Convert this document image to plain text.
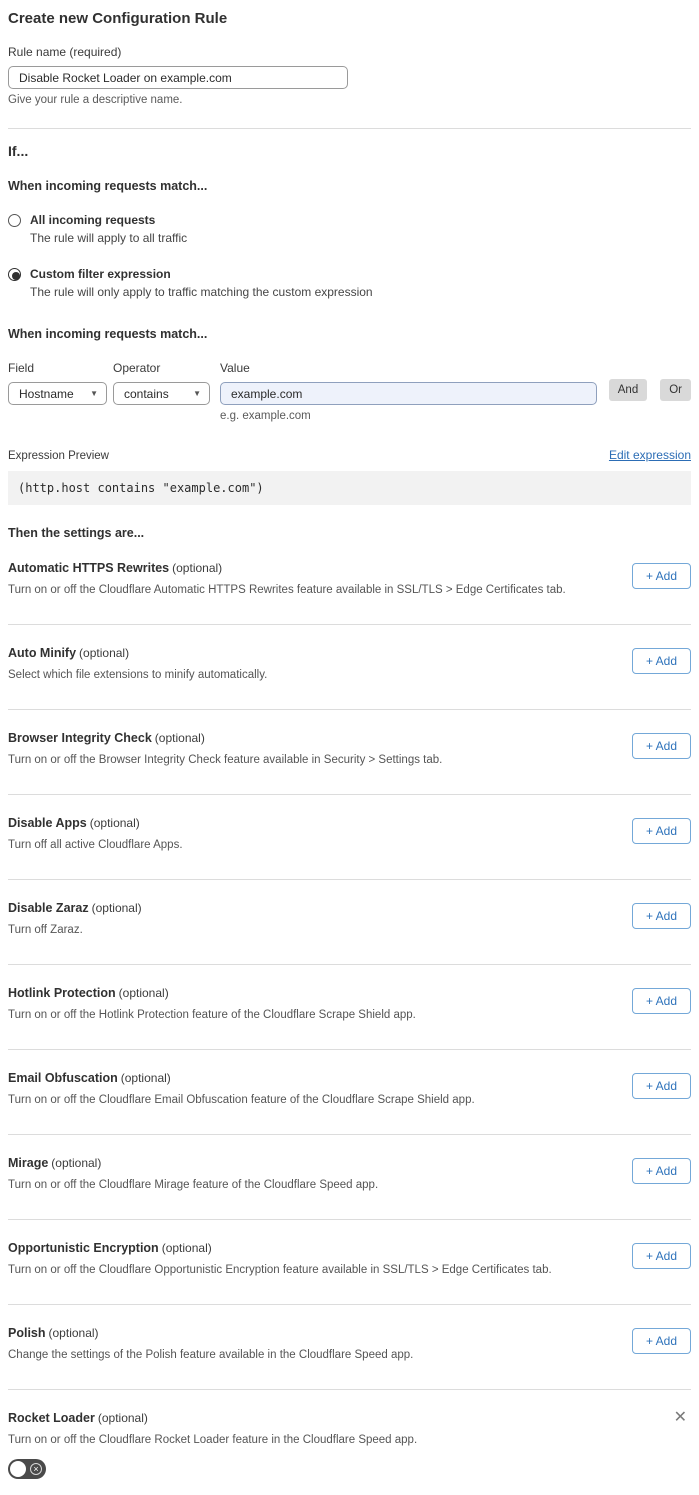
Create new Configuration Rule
Rule name (required)
Disable Rocket Loader on example.com
Give your rule a descriptive name.
If...
When incoming requests match...
All incoming requests
The rule will apply to all traffic
Custom filter expression
The rule will only apply to traffic matching the custom expression
When incoming requests match...
Field
Hostname ▼
Operator
contains	▼
Value
example.com
e.g. example.com
And	Or
Expression Preview	Edit expression
(http.host contains "example.com")
Then the settings are...
Automatic HTTPS Rewrites (optional)
Turn on or off the Cloudflare Automatic HTTPS Rewrites feature available in SSL/TLS > Edge Certificates tab.
+ Add
Auto Minify (optional)
Select which file extensions to minify automatically.
+ Add
Browser Integrity Check (optional)
Turn on or off the Browser Integrity Check feature available in Security > Settings tab.
+ Add
Disable Apps (optional)
Turn off all active Cloudflare Apps.
+ Add
Disable Zaraz (optional)
Turn off Zaraz.
+ Add
Hotlink Protection (optional)
Turn on or off the Hotlink Protection feature of the Cloudflare Scrape Shield app.
+ Add
Email Obfuscation (optional)
Turn on or off the Cloudflare Email Obfuscation feature of the Cloudflare Scrape Shield app.
+ Add
Mirage (optional)
Turn on or off the Cloudflare Mirage feature of the Cloudflare Speed app.
+ Add
Opportunistic Encryption (optional)
Turn on or off the Cloudflare Opportunistic Encryption feature available in SSL/TLS > Edge Certificates tab.
+ Add
Polish (optional)
Change the settings of the Polish feature available in the Cloudflare Speed app.
+ Add
Rocket Loader (optional)	✕
Turn on or off the Cloudflare Rocket Loader feature in the Cloudflare Speed app.
×
